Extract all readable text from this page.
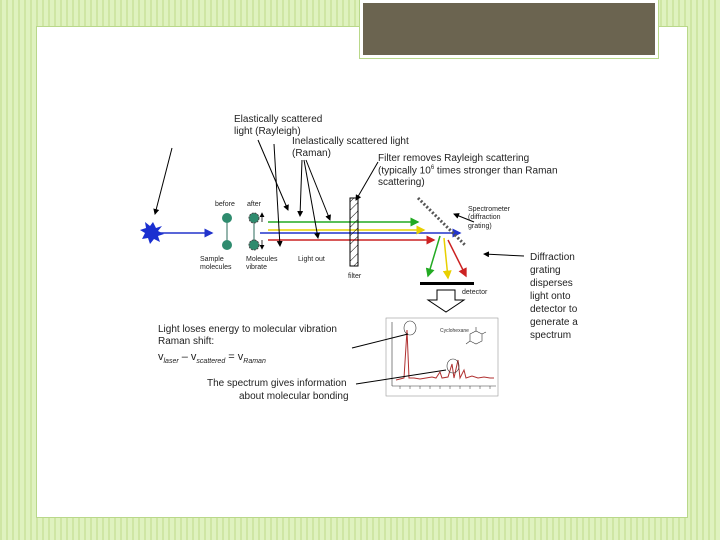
Cyclohexane
Elastically scattered
light (Rayleigh)
Inelastically scattered light
(Raman)	Filter removes Rayleigh scattering
(typically $10^6$ times stronger than Raman
scattering)
before after
Sample
molecules
Molecules
vibrate
Light out
filter
Spectrometer
(diffraction
grating)
detector
Diffraction
grating
disperses
light onto
detector to
generate a
spectrum
Light loses energy to molecular vibration
Raman shift:
$v_{laser} - v_{scattered} = v_{Raman}$
The spectrum gives information
about molecular bonding
